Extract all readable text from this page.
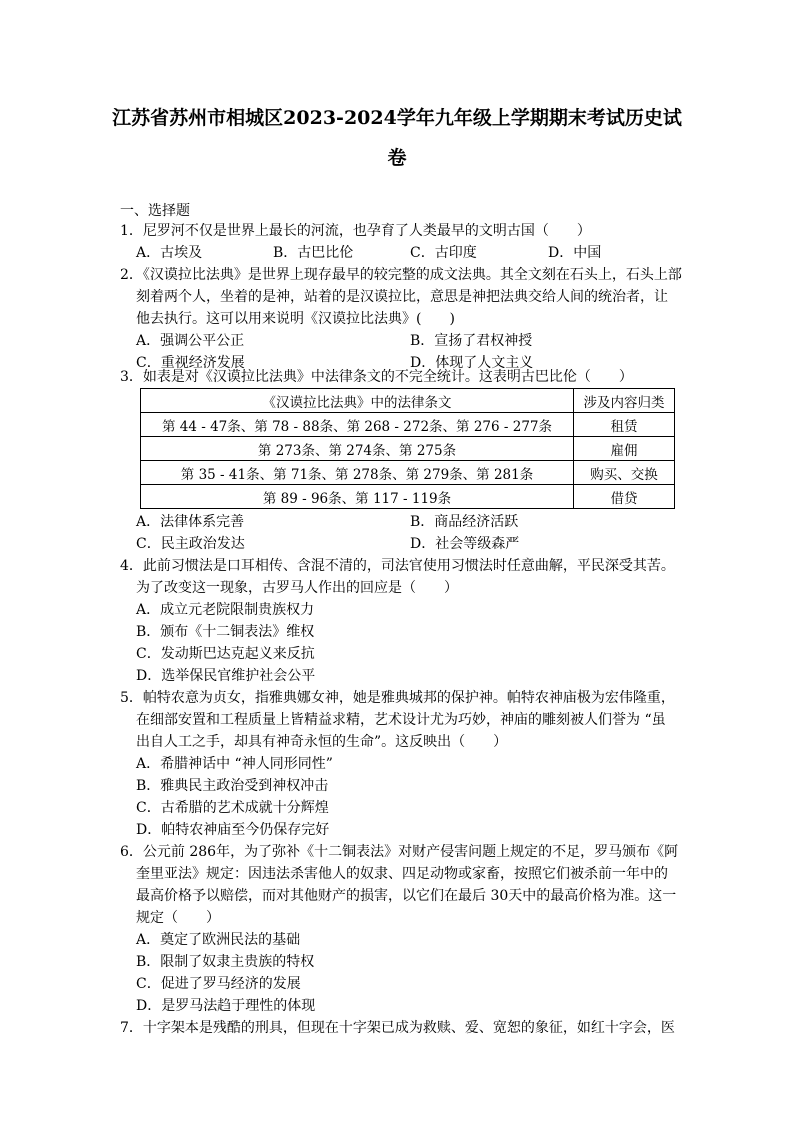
江苏省苏州市相城区2023-2024学年九年级上学期期末考试历史试
卷
一、选择题
1．尼罗河不仅是世界上最长的河流，也孕育了人类最早的文明古国（　　）
A．古埃及	B．古巴比伦	C．古印度	D．中国
2．《汉谟拉比法典》是世界上现存最早的较完整的成文法典。其全文刻在石头上，石头上部
刻着两个人，坐着的是神，站着的是汉谟拉比，意思是神把法典交给人间的统治者，让
他去执行。这可以用来说明《汉谟拉比法典》(　　)
A．强调公平公正	B．宣扬了君权神授
C．重视经济发展	D．体现了人文主义
3．如表是对《汉谟拉比法典》中法律条文的不完全统计。这表明古巴比伦（　　）
《汉谟拉比法典》中的法律条文	涉及内容归类
第 44 - 47条、第 78 - 88条、第 268 - 272条、第 276 - 277条	租赁
第 273条、第 274条、第 275条	雇佣
第 35 - 41条、第 71条、第 278条、第 279条、第 281条	购买、交换
第 89 - 96条、第 117 - 119条	借贷
A．法律体系完善	B．商品经济活跃
C．民主政治发达	D．社会等级森严
4．此前习惯法是口耳相传、含混不清的，司法官使用习惯法时任意曲解，平民深受其苦。
为了改变这一现象，古罗马人作出的回应是（　　）
A．成立元老院限制贵族权力
B．颁布《十二铜表法》维权
C．发动斯巴达克起义来反抗
D．选举保民官维护社会公平
5．帕特农意为贞女，指雅典娜女神，她是雅典城邦的保护神。帕特农神庙极为宏伟隆重，
在细部安置和工程质量上皆精益求精，艺术设计尤为巧妙，神庙的雕刻被人们誉为 “虽
出自人工之手，却具有神奇永恒的生命”。这反映出（　　）
A．希腊神话中 “神人同形同性”
B．雅典民主政治受到神权冲击
C．古希腊的艺术成就十分辉煌
D．帕特农神庙至今仍保存完好
6．公元前 286年，为了弥补《十二铜表法》对财产侵害问题上规定的不足，罗马颁布《阿
奎里亚法》规定：因违法杀害他人的奴隶、四足动物或家畜，按照它们被杀前一年中的
最高价格予以赔偿，而对其他财产的损害，以它们在最后 30天中的最高价格为准。这一
规定（　　）
A．奠定了欧洲民法的基础
B．限制了奴隶主贵族的特权
C．促进了罗马经济的发展
D．是罗马法趋于理性的体现
7．十字架本是残酷的刑具，但现在十字架已成为救赎、爱、宽恕的象征，如红十字会，医
